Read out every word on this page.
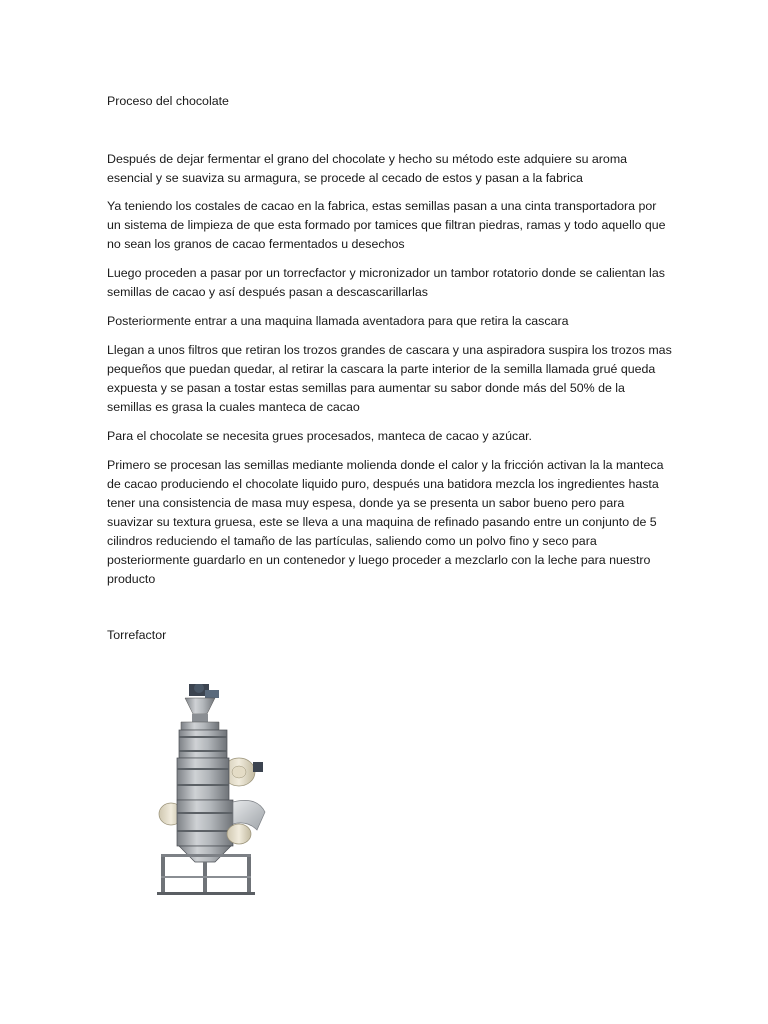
Proceso del chocolate

Después de dejar fermentar el grano del chocolate y hecho su método este adquiere su aroma esencial y se suaviza su armagura, se procede al cecado de estos y pasan a la fabrica

Ya teniendo los costales de cacao en la fabrica, estas semillas pasan a una cinta transportadora por un sistema de limpieza de que esta formado por tamices que filtran piedras, ramas y todo aquello que no sean los granos de cacao fermentados u desechos

Luego proceden a pasar por un torrecfactor y micronizador un tambor rotatorio donde se calientan las semillas de cacao y así después pasan a descascarillarlas

Posteriormente entrar a una maquina llamada aventadora para que retira la cascara

Llegan a unos filtros que retiran los trozos grandes de cascara y una aspiradora suspira los trozos mas pequeños que puedan quedar, al retirar la cascara la parte interior de la semilla llamada grué queda expuesta y se pasan a tostar estas semillas para aumentar su sabor donde más del 50% de la semillas es grasa la cuales manteca de cacao

Para el chocolate se necesita grues procesados, manteca de cacao y azúcar.

Primero se procesan las semillas mediante molienda donde el calor y la fricción activan la la manteca de cacao produciendo el chocolate liquido puro, después una batidora mezcla los ingredientes hasta tener una consistencia de masa muy espesa, donde ya se presenta un sabor bueno pero para suavizar su textura gruesa, este se lleva a una maquina de refinado pasando entre un conjunto de 5 cilindros reduciendo el tamaño de las partículas, saliendo como un polvo fino y seco para posteriormente guardarlo en un contenedor y luego proceder a mezclarlo con la leche para nuestro producto

Torrefactor
